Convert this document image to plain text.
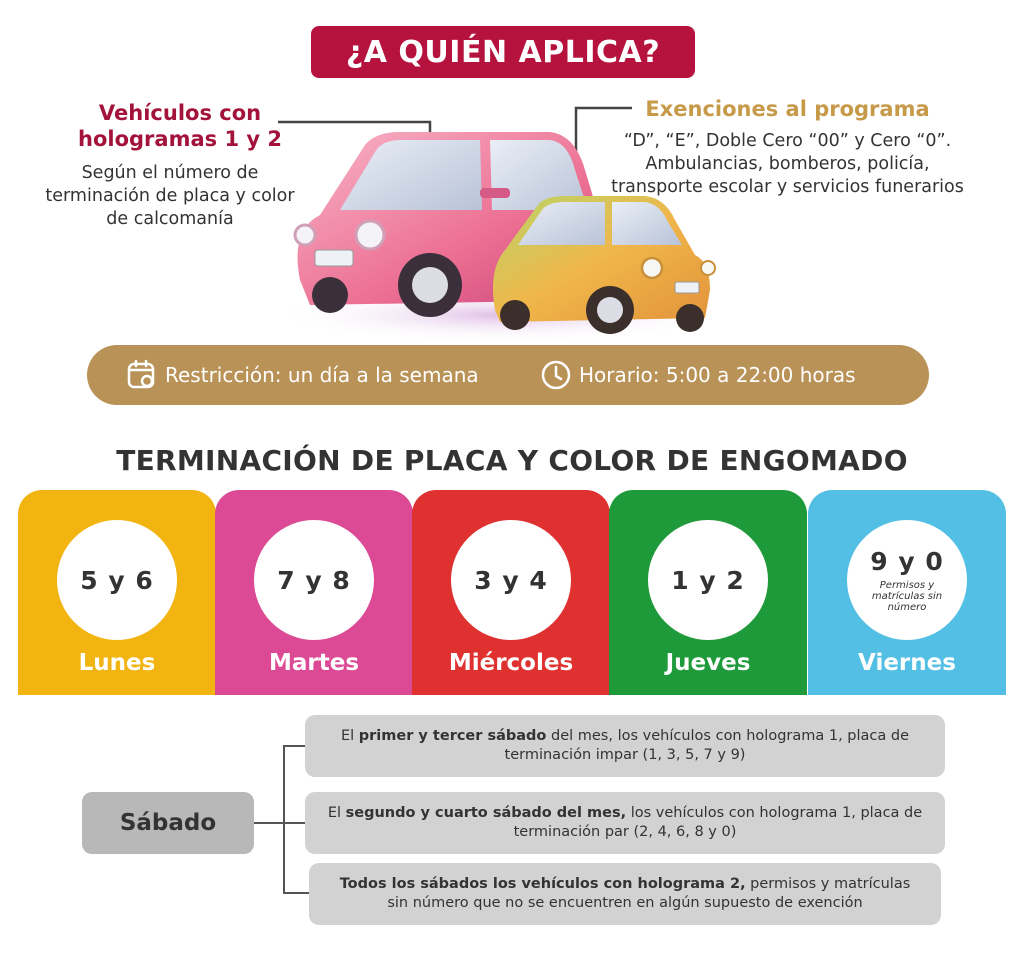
¿A QUIÉN APLICA?
Vehículos con hologramas 1 y 2
Según el número de terminación de placa y color de calcomanía
Exenciones al programa
“D”, “E”, Doble Cero “00” y Cero “0”. Ambulancias, bomberos, policía, transporte escolar y servicios funerarios
Restricción: un día a la semana	Horario: 5:00 a 22:00 horas
TERMINACIÓN DE PLACA Y COLOR DE ENGOMADO
5 y 6
Lunes
7 y 8
Martes
3 y 4
Miércoles
1 y 2
Jueves
9 y 0
Permisos y matrículas sin número
Viernes
Sábado
El primer y tercer sábado del mes, los vehículos con holograma 1, placa de terminación impar (1, 3, 5, 7 y 9)
El segundo y cuarto sábado del mes, los vehículos con holograma 1, placa de terminación par (2, 4, 6, 8 y 0)
Todos los sábados los vehículos con holograma 2, permisos y matrículas sin número que no se encuentren en algún supuesto de exención
